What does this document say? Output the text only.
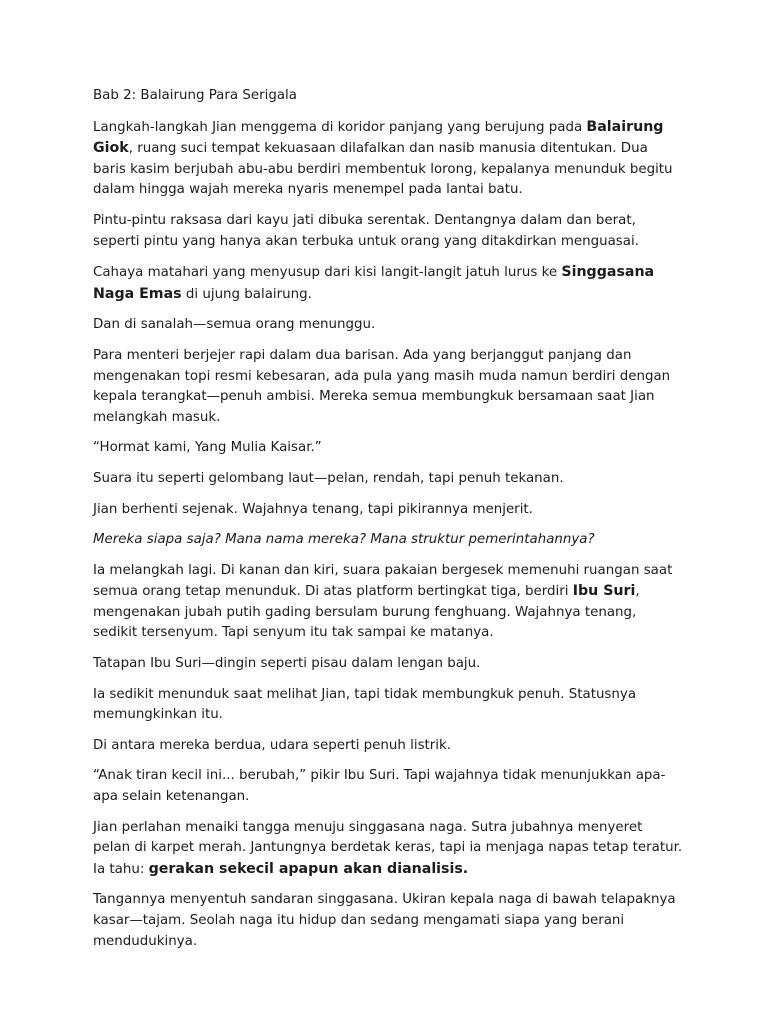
Bab 2: Balairung Para Serigala

Langkah-langkah Jian menggema di koridor panjang yang berujung pada Balairung Giok, ruang suci tempat kekuasaan dilafalkan dan nasib manusia ditentukan. Dua baris kasim berjubah abu-abu berdiri membentuk lorong, kepalanya menunduk begitu dalam hingga wajah mereka nyaris menempel pada lantai batu.

Pintu-pintu raksasa dari kayu jati dibuka serentak. Dentangnya dalam dan berat, seperti pintu yang hanya akan terbuka untuk orang yang ditakdirkan menguasai.

Cahaya matahari yang menyusup dari kisi langit-langit jatuh lurus ke Singgasana Naga Emas di ujung balairung.

Dan di sanalah—semua orang menunggu.

Para menteri berjejer rapi dalam dua barisan. Ada yang berjanggut panjang dan mengenakan topi resmi kebesaran, ada pula yang masih muda namun berdiri dengan kepala terangkat—penuh ambisi. Mereka semua membungkuk bersamaan saat Jian melangkah masuk.

“Hormat kami, Yang Mulia Kaisar.”

Suara itu seperti gelombang laut—pelan, rendah, tapi penuh tekanan.

Jian berhenti sejenak. Wajahnya tenang, tapi pikirannya menjerit.

Mereka siapa saja? Mana nama mereka? Mana struktur pemerintahannya?

Ia melangkah lagi. Di kanan dan kiri, suara pakaian bergesek memenuhi ruangan saat semua orang tetap menunduk. Di atas platform bertingkat tiga, berdiri Ibu Suri, mengenakan jubah putih gading bersulam burung fenghuang. Wajahnya tenang, sedikit tersenyum. Tapi senyum itu tak sampai ke matanya.

Tatapan Ibu Suri—dingin seperti pisau dalam lengan baju.

Ia sedikit menunduk saat melihat Jian, tapi tidak membungkuk penuh. Statusnya memungkinkan itu.

Di antara mereka berdua, udara seperti penuh listrik.

“Anak tiran kecil ini... berubah,” pikir Ibu Suri. Tapi wajahnya tidak menunjukkan apa-apa selain ketenangan.

Jian perlahan menaiki tangga menuju singgasana naga. Sutra jubahnya menyeret pelan di karpet merah. Jantungnya berdetak keras, tapi ia menjaga napas tetap teratur. Ia tahu: gerakan sekecil apapun akan dianalisis.

Tangannya menyentuh sandaran singgasana. Ukiran kepala naga di bawah telapaknya kasar—tajam. Seolah naga itu hidup dan sedang mengamati siapa yang berani mendudukinya.
